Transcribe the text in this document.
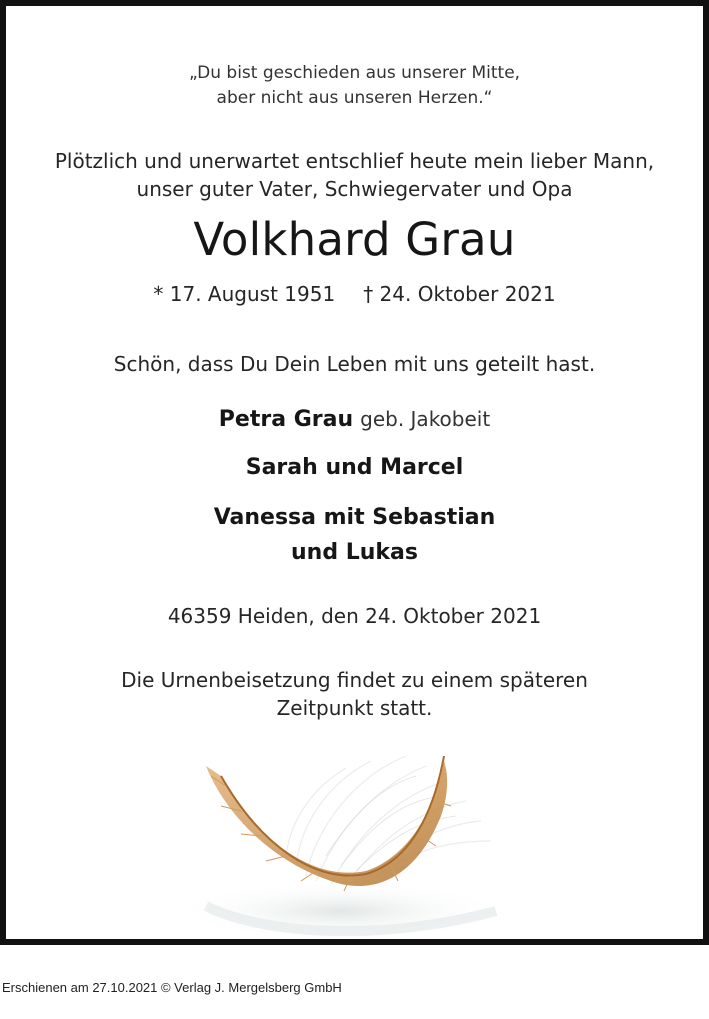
„Du bist geschieden aus unserer Mitte,
aber nicht aus unseren Herzen.“
Plötzlich und unerwartet entschlief heute mein lieber Mann,
unser guter Vater, Schwiegervater und Opa
Volkhard Grau
* 17. August 1951 † 24. Oktober 2021
Schön, dass Du Dein Leben mit uns geteilt hast.
Petra Grau geb. Jakobeit
Sarah und Marcel
Vanessa mit Sebastian
und Lukas
46359 Heiden, den 24. Oktober 2021
Die Urnenbeisetzung findet zu einem späteren
Zeitpunkt statt.
Erschienen am 27.10.2021 © Verlag J. Mergelsberg GmbH
